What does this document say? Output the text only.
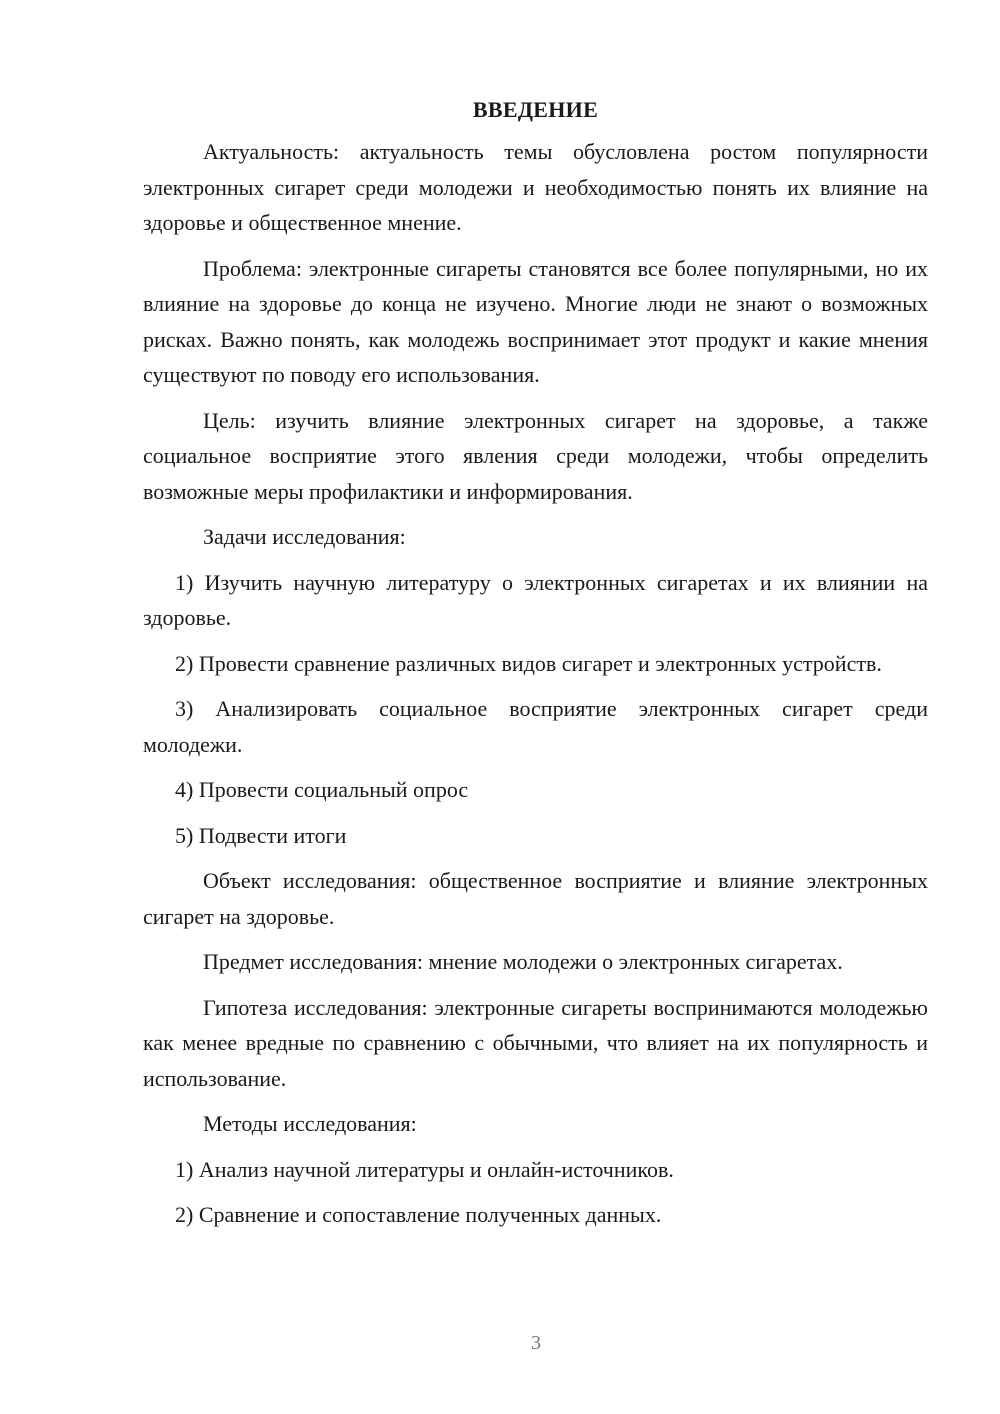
ВВЕДЕНИЕ

Актуальность: актуальность темы обусловлена ростом популярности электронных сигарет среди молодежи и необходимостью понять их влияние на здоровье и общественное мнение.

Проблема: электронные сигареты становятся все более популярными, но их влияние на здоровье до конца не изучено. Многие люди не знают о возможных рисках. Важно понять, как молодежь воспринимает этот продукт и какие мнения существуют по поводу его использования.

Цель: изучить влияние электронных сигарет на здоровье, а также социальное восприятие этого явления среди молодежи, чтобы определить возможные меры профилактики и информирования.

Задачи исследования:

1) Изучить научную литературу о электронных сигаретах и их влиянии на здоровье.

2) Провести сравнение различных видов сигарет и электронных устройств.

3) Анализировать социальное восприятие электронных сигарет среди молодежи.

4) Провести социальный опрос

5) Подвести итоги

Объект исследования: общественное восприятие и влияние электронных сигарет на здоровье.

Предмет исследования: мнение молодежи о электронных сигаретах.

Гипотеза исследования: электронные сигареты воспринимаются молодежью как менее вредные по сравнению с обычными, что влияет на их популярность и использование.

Методы исследования:

1) Анализ научной литературы и онлайн-источников.

2) Сравнение и сопоставление полученных данных.

3
